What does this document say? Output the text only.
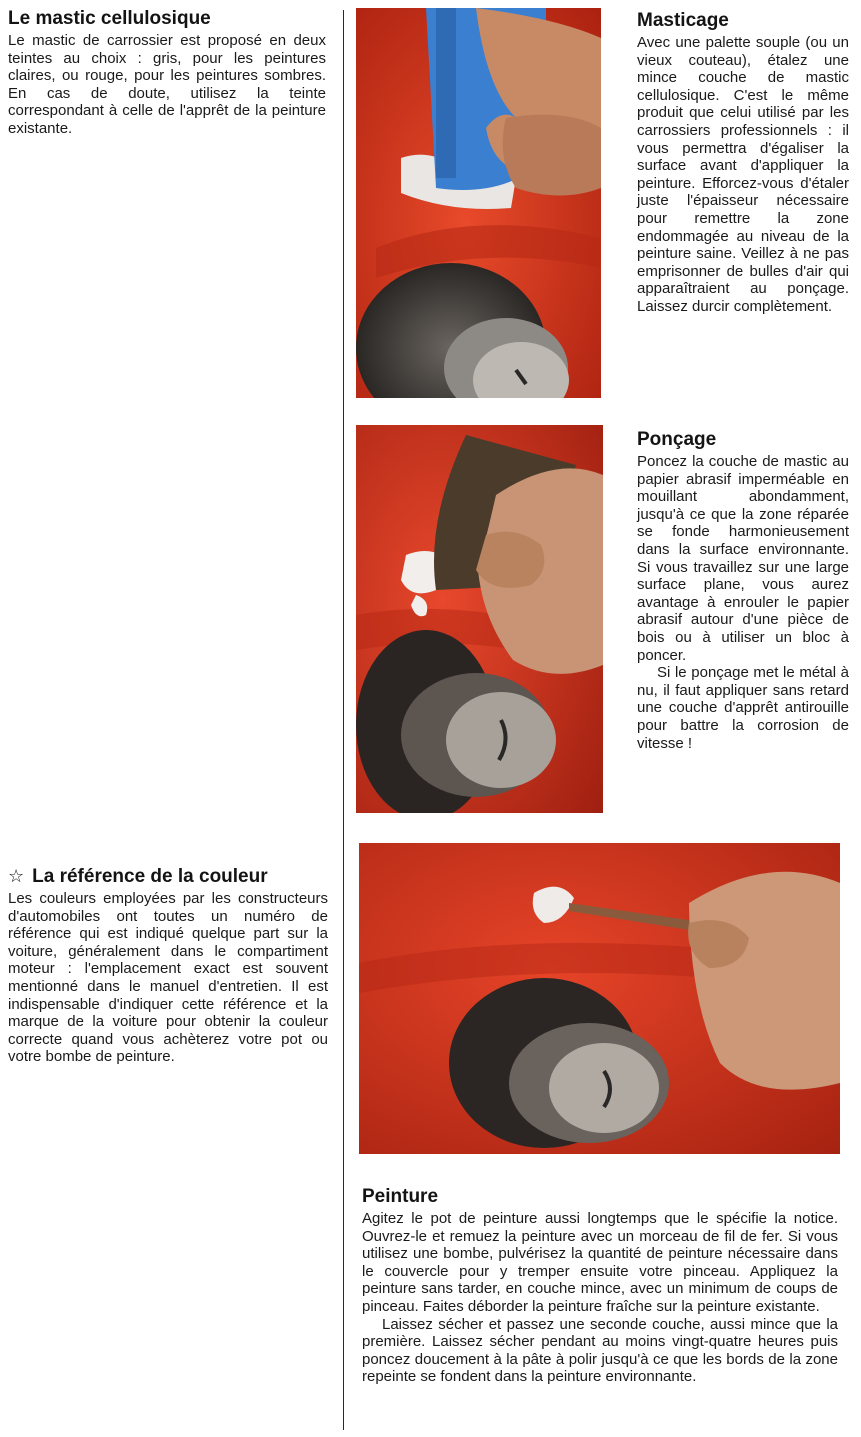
Le mastic cellulosique

Le mastic de carrossier est proposé en deux teintes au choix : gris, pour les peintures claires, ou rouge, pour les peintures sombres. En cas de doute, utilisez la teinte correspondant à celle de l'apprêt de la peinture existante.

☆ La référence de la couleur

Les couleurs employées par les constructeurs d'automobiles ont toutes un numéro de référence qui est indiqué quelque part sur la voiture, généralement dans le compartiment moteur : l'emplacement exact est souvent mentionné dans le manuel d'entretien. Il est indispensable d'indiquer cette référence et la marque de la voiture pour obtenir la couleur correcte quand vous achèterez votre pot ou votre bombe de peinture.

Masticage

Avec une palette souple (ou un vieux couteau), étalez une mince couche de mastic cellulosique. C'est le même produit que celui utilisé par les carrossiers professionnels : il vous permettra d'égaliser la surface avant d'appliquer la peinture. Efforcez-vous d'étaler juste l'épaisseur nécessaire pour remettre la zone endommagée au niveau de la peinture saine. Veillez à ne pas emprisonner de bulles d'air qui apparaîtraient au ponçage. Laissez durcir complètement.

Ponçage

Poncez la couche de mastic au papier abrasif imperméable en mouillant abondamment, jusqu'à ce que la zone réparée se fonde harmonieusement dans la surface environnante. Si vous travaillez sur une large surface plane, vous aurez avantage à enrouler le papier abrasif autour d'une pièce de bois ou à utiliser un bloc à poncer.

Si le ponçage met le métal à nu, il faut appliquer sans retard une couche d'apprêt antirouille pour battre la corrosion de vitesse !

Peinture

Agitez le pot de peinture aussi longtemps que le spécifie la notice. Ouvrez-le et remuez la peinture avec un morceau de fil de fer. Si vous utilisez une bombe, pulvérisez la quantité de peinture nécessaire dans le couvercle pour y tremper ensuite votre pinceau. Appliquez la peinture sans tarder, en couche mince, avec un minimum de coups de pinceau. Faites déborder la peinture fraîche sur la peinture existante.

Laissez sécher et passez une seconde couche, aussi mince que la première. Laissez sécher pendant au moins vingt-quatre heures puis poncez doucement à la pâte à polir jusqu'à ce que les bords de la zone repeinte se fondent dans la peinture environnante.
